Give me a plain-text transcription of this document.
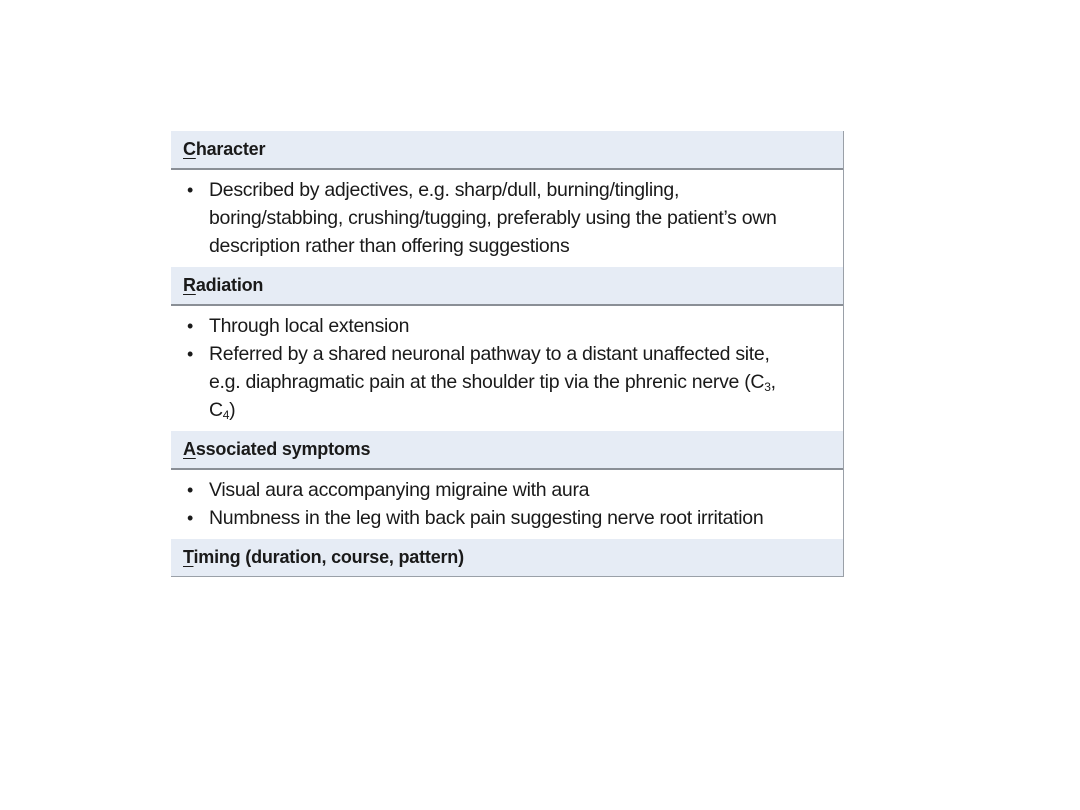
Character
• Described by adjectives, e.g. sharp/dull, burning/tingling, boring/stabbing, crushing/tugging, preferably using the patient’s own description rather than offering suggestions
Radiation
• Through local extension
• Referred by a shared neuronal pathway to a distant unaffected site, e.g. diaphragmatic pain at the shoulder tip via the phrenic nerve ($C_3$, $C_4$)
Associated symptoms
• Visual aura accompanying migraine with aura
• Numbness in the leg with back pain suggesting nerve root irritation
Timing (duration, course, pattern)
